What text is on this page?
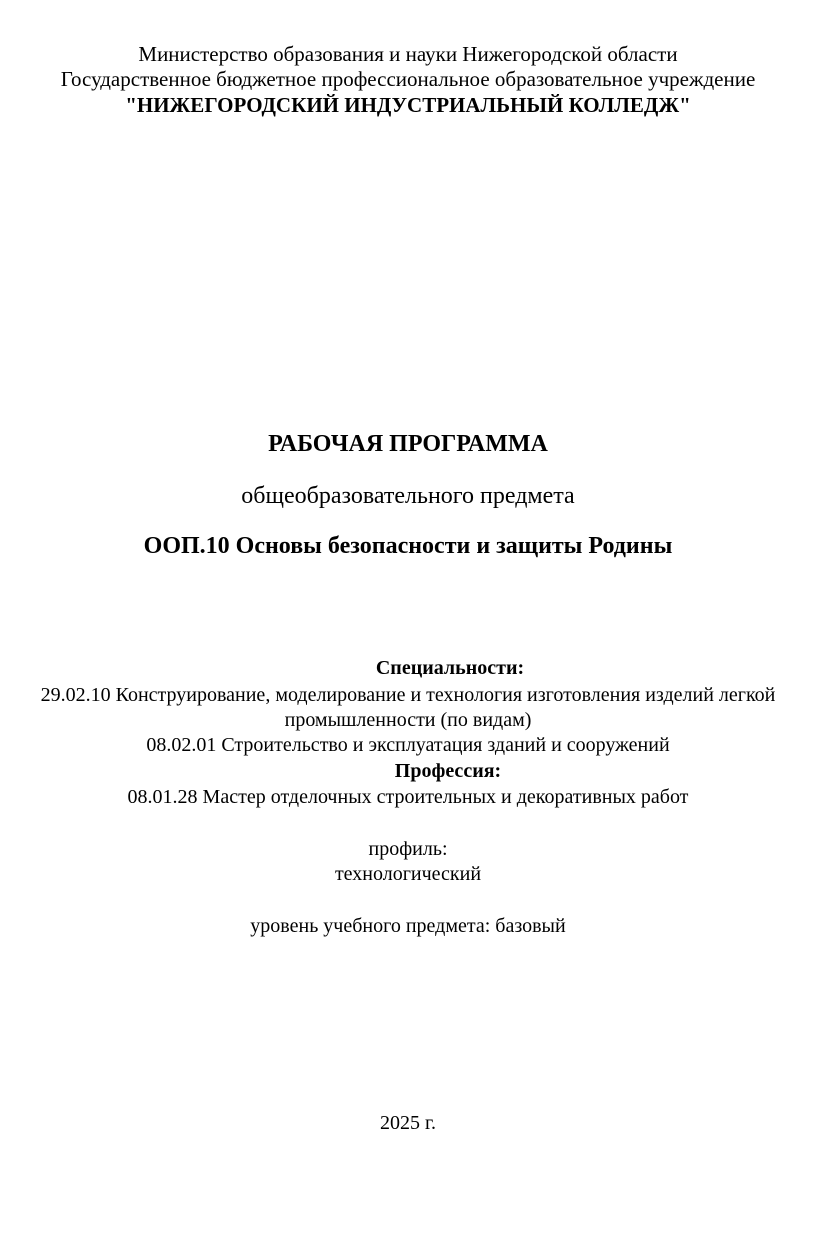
Министерство образования и науки Нижегородской области
Государственное бюджетное профессиональное образовательное учреждение
"НИЖЕГОРОДСКИЙ ИНДУСТРИАЛЬНЫЙ КОЛЛЕДЖ"
РАБОЧАЯ ПРОГРАММА
общеобразовательного предмета
ООП.10 Основы безопасности и защиты Родины
Специальности:
29.02.10 Конструирование, моделирование и технология изготовления изделий легкой
промышленности (по видам)
08.02.01 Строительство и эксплуатация зданий и сооружений
Профессия:
08.01.28 Мастер отделочных строительных и декоративных работ
профиль:
технологический
уровень учебного предмета: базовый
2025 г.
